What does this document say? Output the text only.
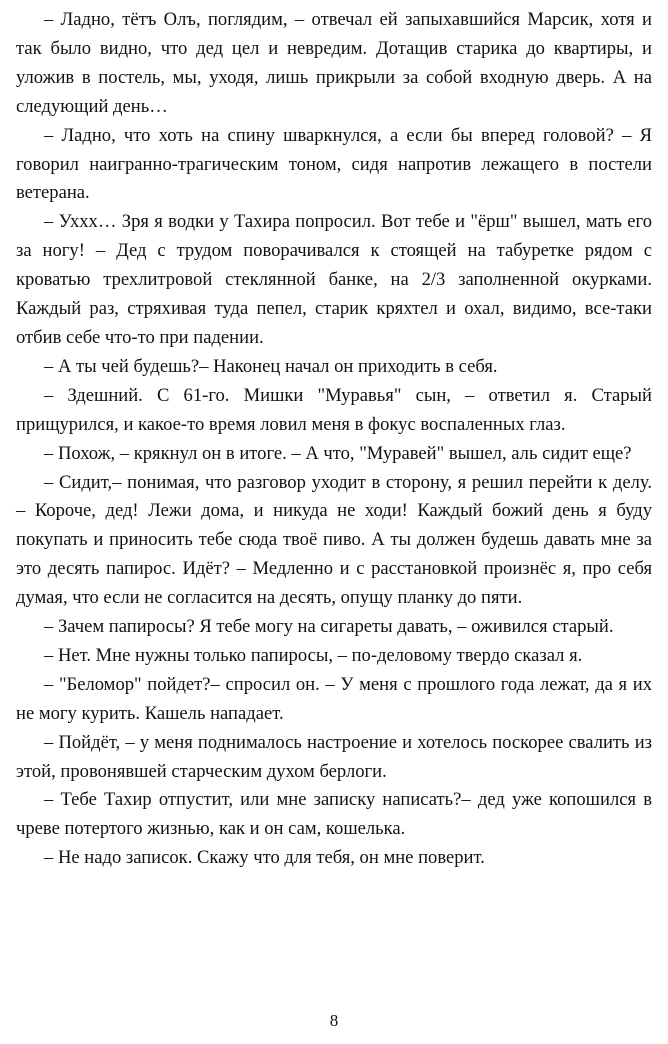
– Ладно, тётъ Олъ, поглядим, – отвечал ей запыхавшийся Марсик, хотя и так было видно, что дед цел и невредим. Дотащив старика до квартиры, и уложив в постель, мы, уходя, лишь прикрыли за собой входную дверь. А на следующий день…

– Ладно, что хоть на спину шваркнулся, а если бы вперед головой? – Я говорил наигранно-трагическим тоном, сидя напротив лежащего в постели ветерана.

– Уххх… Зря я водки у Тахира попросил. Вот тебе и "ёрш" вышел, мать его за ногу! – Дед с трудом поворачивался к стоящей на табуретке рядом с кроватью трехлитровой стеклянной банке, на 2/3 заполненной окурками. Каждый раз, стряхивая туда пепел, старик кряхтел и охал, видимо, все-таки отбив себе что-то при падении.

– А ты чей будешь?– Наконец начал он приходить в себя.

– Здешний. С 61-го. Мишки "Муравья" сын, – ответил я. Старый прищурился, и какое-то время ловил меня в фокус воспаленных глаз.

– Похож, – крякнул он в итоге. – А что, "Муравей" вышел, аль сидит еще?

– Сидит,– понимая, что разговор уходит в сторону, я решил перейти к делу. – Короче, дед! Лежи дома, и никуда не ходи! Каждый божий день я буду покупать и приносить тебе сюда твоё пиво. А ты должен будешь давать мне за это десять папирос. Идёт? – Медленно и с расстановкой произнёс я, про себя думая, что если не согласится на десять, опущу планку до пяти.

– Зачем папиросы? Я тебе могу на сигареты давать, – оживился старый.

– Нет. Мне нужны только папиросы, – по-деловому твердо сказал я.

– "Беломор" пойдет?– спросил он. – У меня с прошлого года лежат, да я их не могу курить. Кашель нападает.

– Пойдёт, – у меня поднималось настроение и хотелось поскорее свалить из этой, провонявшей старческим духом берлоги.

– Тебе Тахир отпустит, или мне записку написать?– дед уже копошился в чреве потертого жизнью, как и он сам, кошелька.

– Не надо записок. Скажу что для тебя, он мне поверит.

8
